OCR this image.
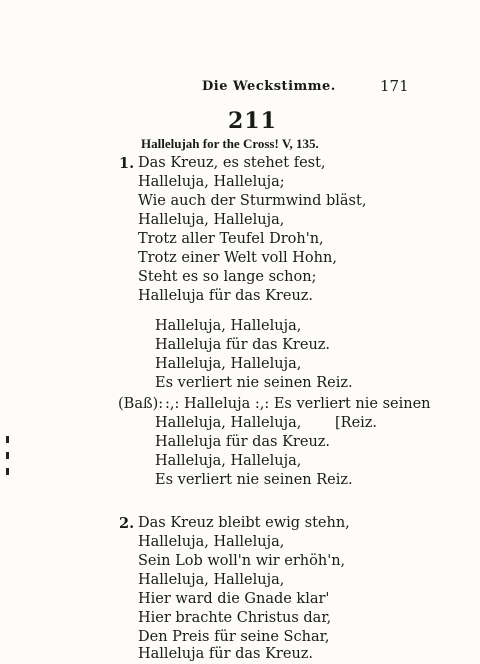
Die Weckstimme.	171
211
Hallelujah for the Cross! V, 135.
1. Das Kreuz, es stehet fest,
Halleluja, Halleluja;
Wie auch der Sturmwind bläst,
Halleluja, Halleluja,
Trotz aller Teufel Droh'n,
Trotz einer Welt voll Hohn,
Steht es so lange schon;
Halleluja für das Kreuz.
Halleluja, Halleluja,
Halleluja für das Kreuz.
Halleluja, Halleluja,
Es verliert nie seinen Reiz.
(Baß): :,: Halleluja :,: Es verliert nie seinen
Halleluja, Halleluja, [Reiz.
Halleluja für das Kreuz.
Halleluja, Halleluja,
Es verliert nie seinen Reiz.
2. Das Kreuz bleibt ewig stehn,
Halleluja, Halleluja,
Sein Lob woll'n wir erhöh'n,
Halleluja, Halleluja,
Hier ward die Gnade klar'
Hier brachte Christus dar,
Den Preis für seine Schar,
Halleluja für das Kreuz.
